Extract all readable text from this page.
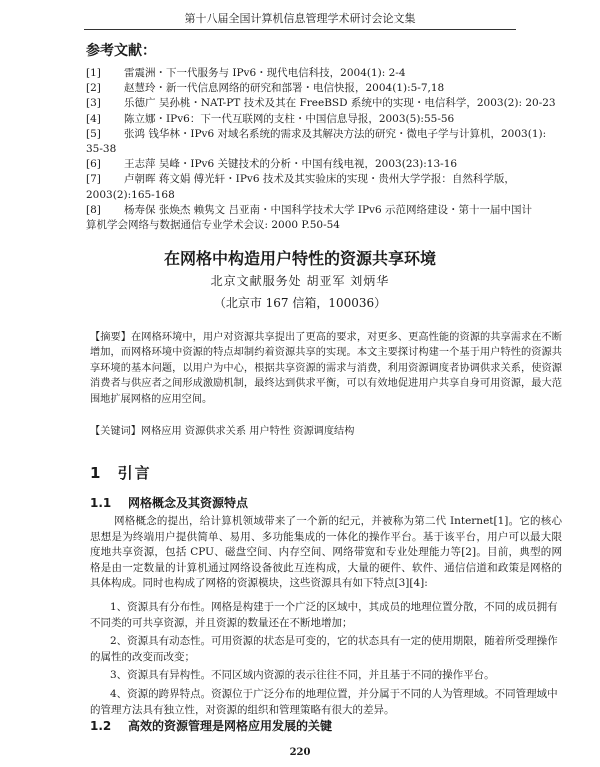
第十八届全国计算机信息管理学术研讨会论文集
参考文献：
[1] 雷震洲・下一代服务与 IPv6・现代电信科技，2004(1): 2-4
[2] 赵慧玲・新一代信息网络的研究和部署・电信快报，2004(1):5-7,18
[3] 乐德广 吴孙桃・NAT-PT 技术及其在 FreeBSD 系统中的实现・电信科学，2003(2): 20-23
[4] 陈立娜・IPv6：下一代互联网的支柱・中国信息导报，2003(5):55-56
[5] 张鸿 钱华林・IPv6 对域名系统的需求及其解决方法的研究・微电子学与计算机，2003(1):
35-38
[6] 王志萍 吴峰・IPv6 关键技术的分析・中国有线电视，2003(23):13-16
[7] 卢朝晖 蒋文娟 傅光轩・IPv6 技术及其实验床的实现・贵州大学学报：自然科学版，
2003(2):165-168
[8] 杨寿保 张焕杰 赖隽文 吕亚南・中国科学技术大学 IPv6 示范网络建设・第十一届中国计
算机学会网络与数据通信专业学术会议: 2000 P.50-54
在网格中构造用户特性的资源共享环境
北京文献服务处 胡亚军 刘炳华
（北京市 167 信箱，100036）
【摘要】在网格环境中，用户对资源共享提出了更高的要求，对更多、更高性能的资源的共享需求在不断增加，而网格环境中资源的特点却制约着资源共享的实现。本文主要探讨构建一个基于用户特性的资源共享环境的基本问题，以用户为中心，根据共享资源的需求与消费，利用资源调度者协调供求关系，使资源消费者与供应者之间形成激励机制，最终达到供求平衡，可以有效地促进用户共享自身可用资源，最大范围地扩展网格的应用空间。
【关键词】网格应用 资源供求关系 用户特性 资源调度结构
1 引言
1.1 网格概念及其资源特点

网格概念的提出，给计算机领域带来了一个新的纪元，并被称为第二代 Internet[1]。它的核心思想是为终端用户提供简单、易用、多功能集成的一体化的操作平台。基于该平台，用户可以最大限度地共享资源，包括 CPU、磁盘空间、内存空间、网络带宽和专业处理能力等[2]。目前，典型的网格是由一定数量的计算机通过网络设备彼此互连构成，大量的硬件、软件、通信信道和政策是网格的具体构成。同时也构成了网格的资源模块，这些资源具有如下特点[3][4]:

1、资源具有分布性。网格是构建于一个广泛的区域中，其成员的地理位置分散，不同的成员拥有不同类的可共享资源，并且资源的数量还在不断地增加；

2、资源具有动态性。可用资源的状态是可变的，它的状态具有一定的使用期限，随着所受理操作的属性的改变而改变；

3、资源具有异构性。不同区域内资源的表示往往不同，并且基于不同的操作平台。

4、资源的跨界特点。资源位于广泛分布的地理位置，并分属于不同的人为管理域。不同管理域中的管理方法具有独立性，对资源的组织和管理策略有很大的差异。

1.2 高效的资源管理是网格应用发展的关键
220
